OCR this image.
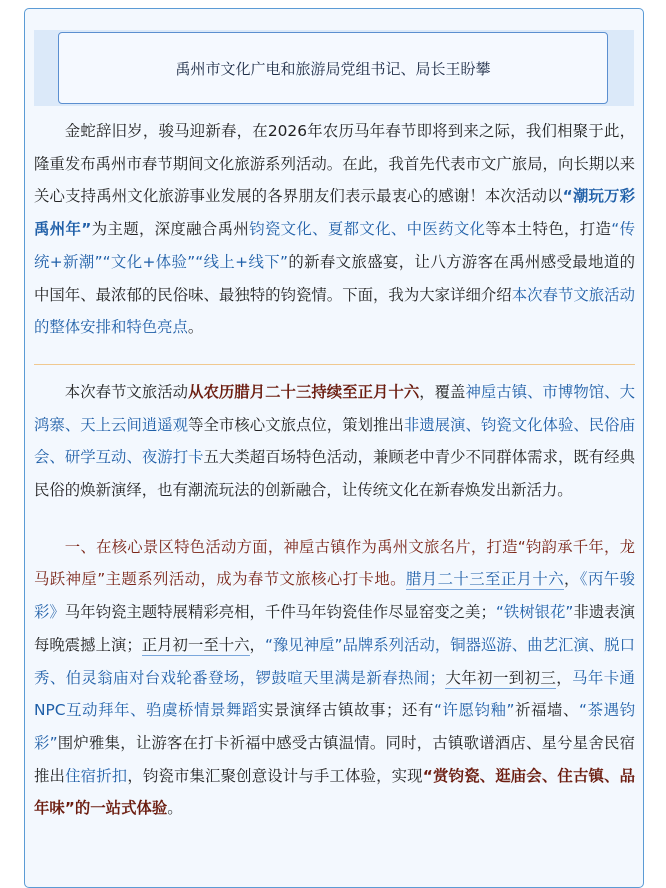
禹州市文化广电和旅游局党组书记、局长王盼攀

金蛇辞旧岁，骏马迎新春，在2026年农历马年春节即将到来之际，我们相聚于此，隆重发布禹州市春节期间文化旅游系列活动。在此，我首先代表市文广旅局，向长期以来关心支持禹州文化旅游事业发展的各界朋友们表示最衷心的感谢！本次活动以“潮玩万彩禹州年”为主题，深度融合禹州钧瓷文化、夏都文化、中医药文化等本土特色，打造“传统+新潮”“文化+体验”“线上+线下”的新春文旅盛宴，让八方游客在禹州感受最地道的中国年、最浓郁的民俗味、最独特的钧瓷情。下面，我为大家详细介绍本次春节文旅活动的整体安排和特色亮点。

本次春节文旅活动从农历腊月二十三持续至正月十六，覆盖神垕古镇、市博物馆、大鸿寨、天上云间逍遥观等全市核心文旅点位，策划推出非遗展演、钧瓷文化体验、民俗庙会、研学互动、夜游打卡五大类超百场特色活动，兼顾老中青少不同群体需求，既有经典民俗的焕新演绎，也有潮流玩法的创新融合，让传统文化在新春焕发出新活力。

一、在核心景区特色活动方面，神垕古镇作为禹州文旅名片，打造“钧韵承千年，龙马跃神垕”主题系列活动，成为春节文旅核心打卡地。腊月二十三至正月十六，《丙午骏彩》马年钧瓷主题特展精彩亮相，千件马年钧瓷佳作尽显窑变之美；“铁树银花”非遗表演每晚震撼上演；正月初一至十六，“豫见神垕”品牌系列活动，铜器巡游、曲艺汇演、脱口秀、伯灵翁庙对台戏轮番登场，锣鼓喧天里满是新春热闹；大年初一到初三，马年卡通NPC互动拜年、驺虞桥情景舞蹈实景演绎古镇故事；还有“许愿钧釉”祈福墙、“茶遇钧彩”围炉雅集，让游客在打卡祈福中感受古镇温情。同时，古镇歌谱酒店、星兮星舍民宿推出住宿折扣，钧瓷市集汇聚创意设计与手工体验，实现“赏钧瓷、逛庙会、住古镇、品年味”的一站式体验。
